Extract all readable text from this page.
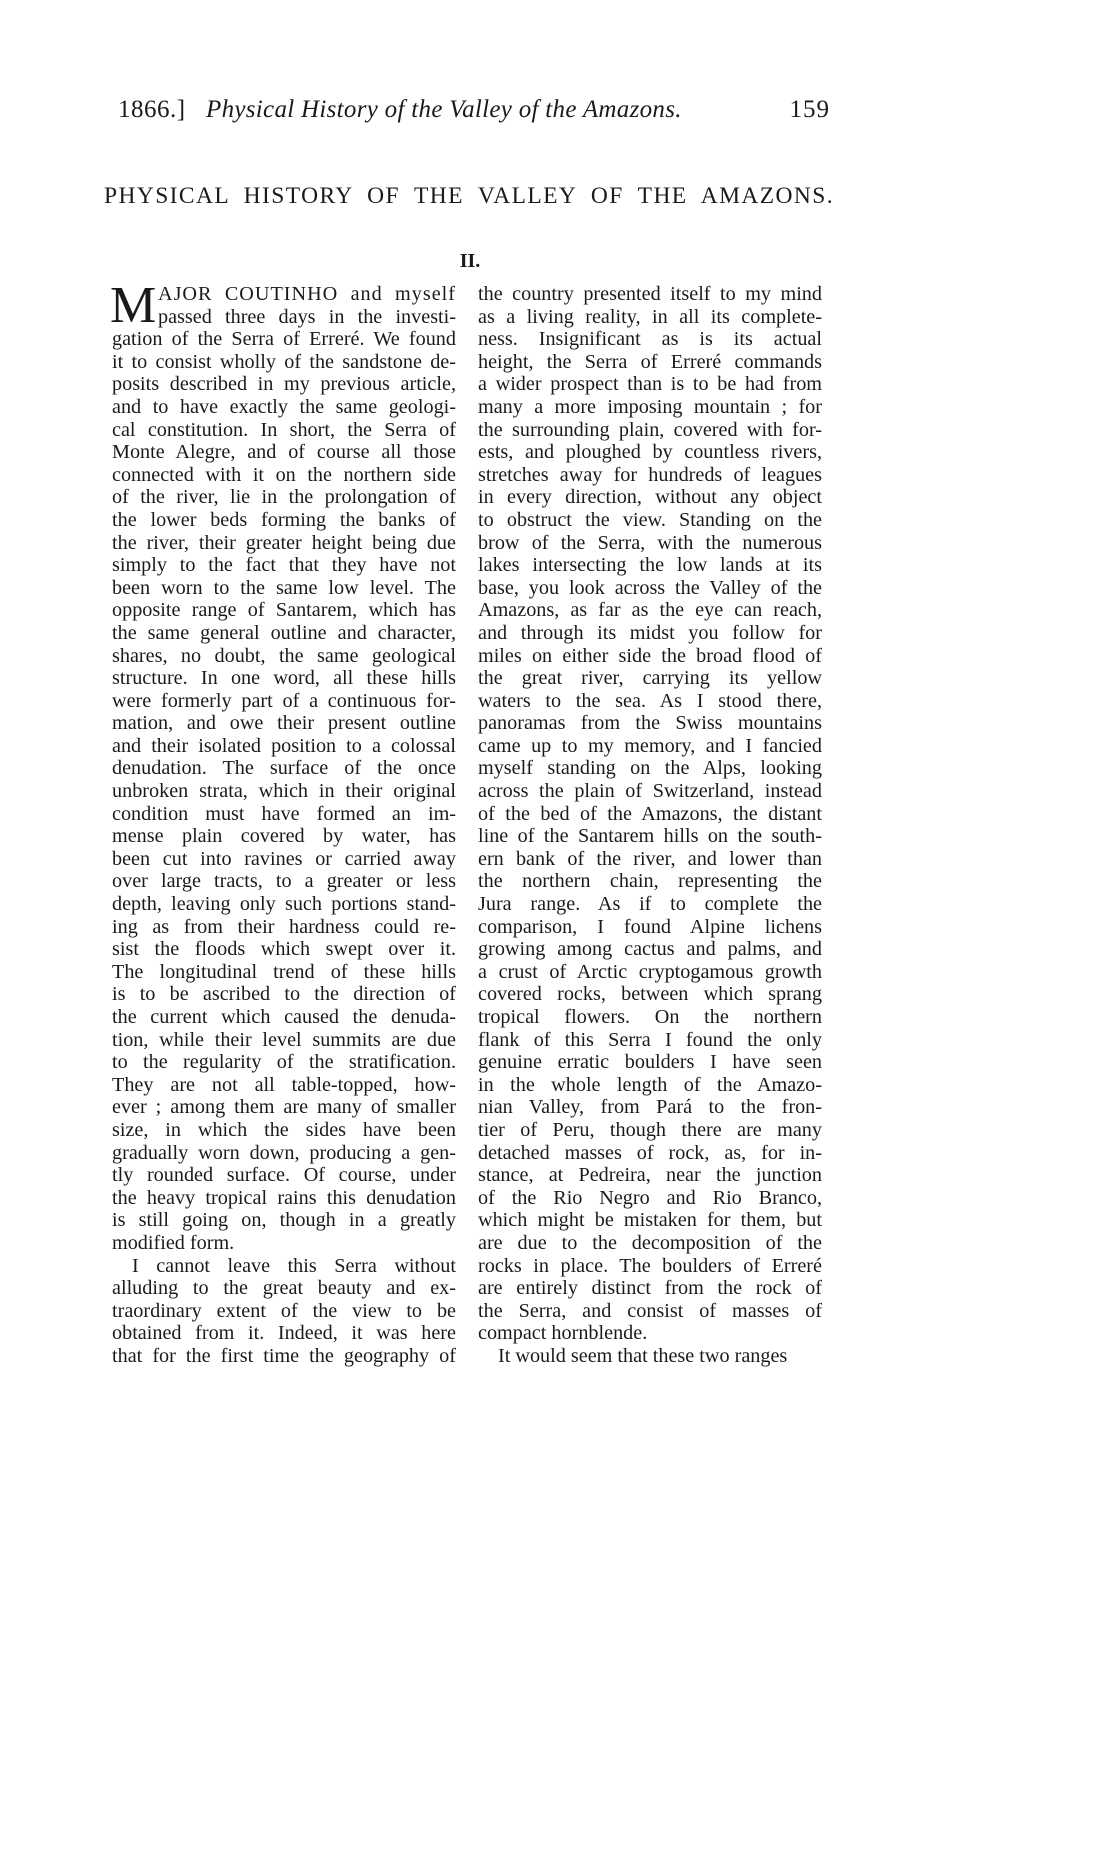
1866.] Physical History of the Valley of the Amazons.	159
PHYSICAL HISTORY OF THE VALLEY OF THE AMAZONS.
II.
M AJOR COUTINHO and myself
passed three days in the investi-
gation of the Serra of Erreré. We found
it to consist wholly of the sandstone de-
posits described in my previous article,
and to have exactly the same geologi-
cal constitution. In short, the Serra of
Monte Alegre, and of course all those
connected with it on the northern side
of the river, lie in the prolongation of
the lower beds forming the banks of
the river, their greater height being due
simply to the fact that they have not
been worn to the same low level. The
opposite range of Santarem, which has
the same general outline and character,
shares, no doubt, the same geological
structure. In one word, all these hills
were formerly part of a continuous for-
mation, and owe their present outline
and their isolated position to a colossal
denudation. The surface of the once
unbroken strata, which in their original
condition must have formed an im-
mense plain covered by water, has
been cut into ravines or carried away
over large tracts, to a greater or less
depth, leaving only such portions stand-
ing as from their hardness could re-
sist the floods which swept over it.
The longitudinal trend of these hills
is to be ascribed to the direction of
the current which caused the denuda-
tion, while their level summits are due
to the regularity of the stratification.
They are not all table-topped, how-
ever ; among them are many of smaller
size, in which the sides have been
gradually worn down, producing a gen-
tly rounded surface. Of course, under
the heavy tropical rains this denudation
is still going on, though in a greatly
modified form.
I cannot leave this Serra without
alluding to the great beauty and ex-
traordinary extent of the view to be
obtained from it. Indeed, it was here
that for the first time the geography of
the country presented itself to my mind
as a living reality, in all its complete-
ness. Insignificant as is its actual
height, the Serra of Erreré commands
a wider prospect than is to be had from
many a more imposing mountain ; for
the surrounding plain, covered with for-
ests, and ploughed by countless rivers,
stretches away for hundreds of leagues
in every direction, without any object
to obstruct the view. Standing on the
brow of the Serra, with the numerous
lakes intersecting the low lands at its
base, you look across the Valley of the
Amazons, as far as the eye can reach,
and through its midst you follow for
miles on either side the broad flood of
the great river, carrying its yellow
waters to the sea. As I stood there,
panoramas from the Swiss mountains
came up to my memory, and I fancied
myself standing on the Alps, looking
across the plain of Switzerland, instead
of the bed of the Amazons, the distant
line of the Santarem hills on the south-
ern bank of the river, and lower than
the northern chain, representing the
Jura range. As if to complete the
comparison, I found Alpine lichens
growing among cactus and palms, and
a crust of Arctic cryptogamous growth
covered rocks, between which sprang
tropical flowers. On the northern
flank of this Serra I found the only
genuine erratic boulders I have seen
in the whole length of the Amazo-
nian Valley, from Pará to the fron-
tier of Peru, though there are many
detached masses of rock, as, for in-
stance, at Pedreira, near the junction
of the Rio Negro and Rio Branco,
which might be mistaken for them, but
are due to the decomposition of the
rocks in place. The boulders of Erreré
are entirely distinct from the rock of
the Serra, and consist of masses of
compact hornblende.
It would seem that these two ranges
